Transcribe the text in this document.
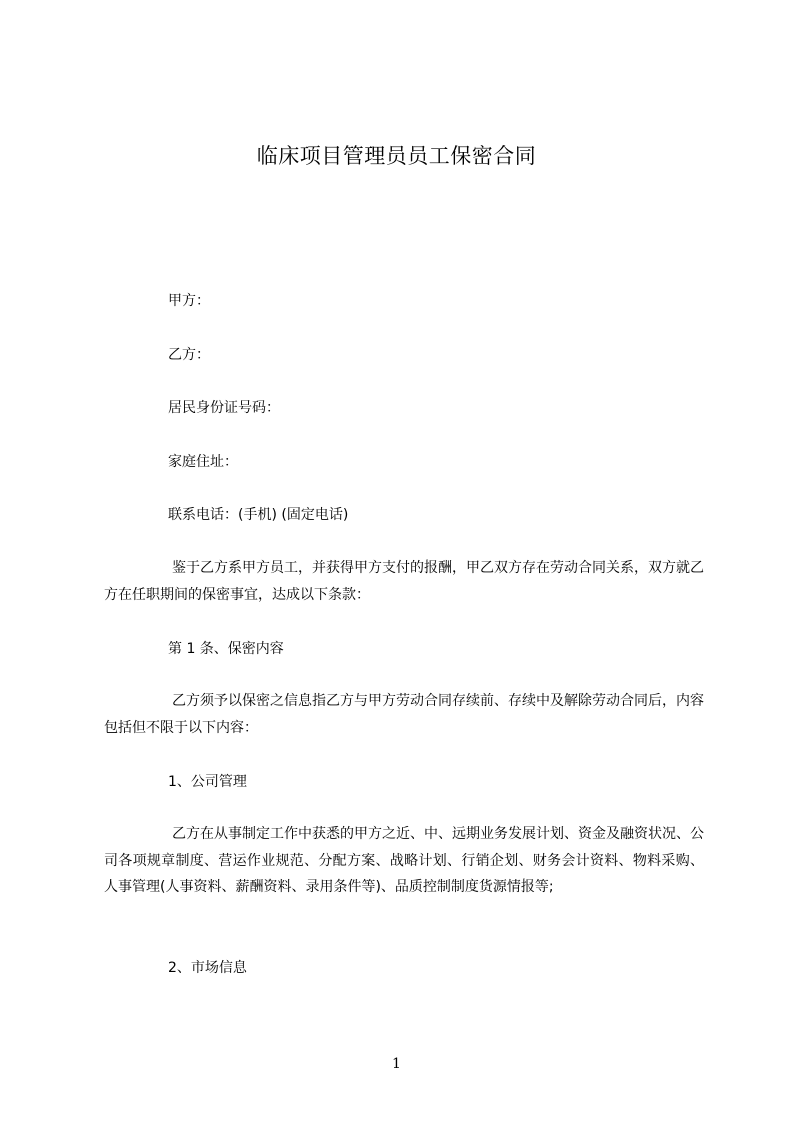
临床项目管理员员工保密合同
甲方：
乙方：
居民身份证号码：
家庭住址：
联系电话：(手机) (固定电话)
鉴于乙方系甲方员工，并获得甲方支付的报酬，甲乙双方存在劳动合同关系，双方就乙方在任职期间的保密事宜，达成以下条款：
第 1 条、保密内容
乙方须予以保密之信息指乙方与甲方劳动合同存续前、存续中及解除劳动合同后，内容包括但不限于以下内容：
1、公司管理
乙方在从事制定工作中获悉的甲方之近、中、远期业务发展计划、资金及融资状况、公司各项规章制度、营运作业规范、分配方案、战略计划、行销企划、财务会计资料、物料采购、人事管理(人事资料、薪酬资料、录用条件等)、品质控制制度货源情报等;
2、市场信息
1
